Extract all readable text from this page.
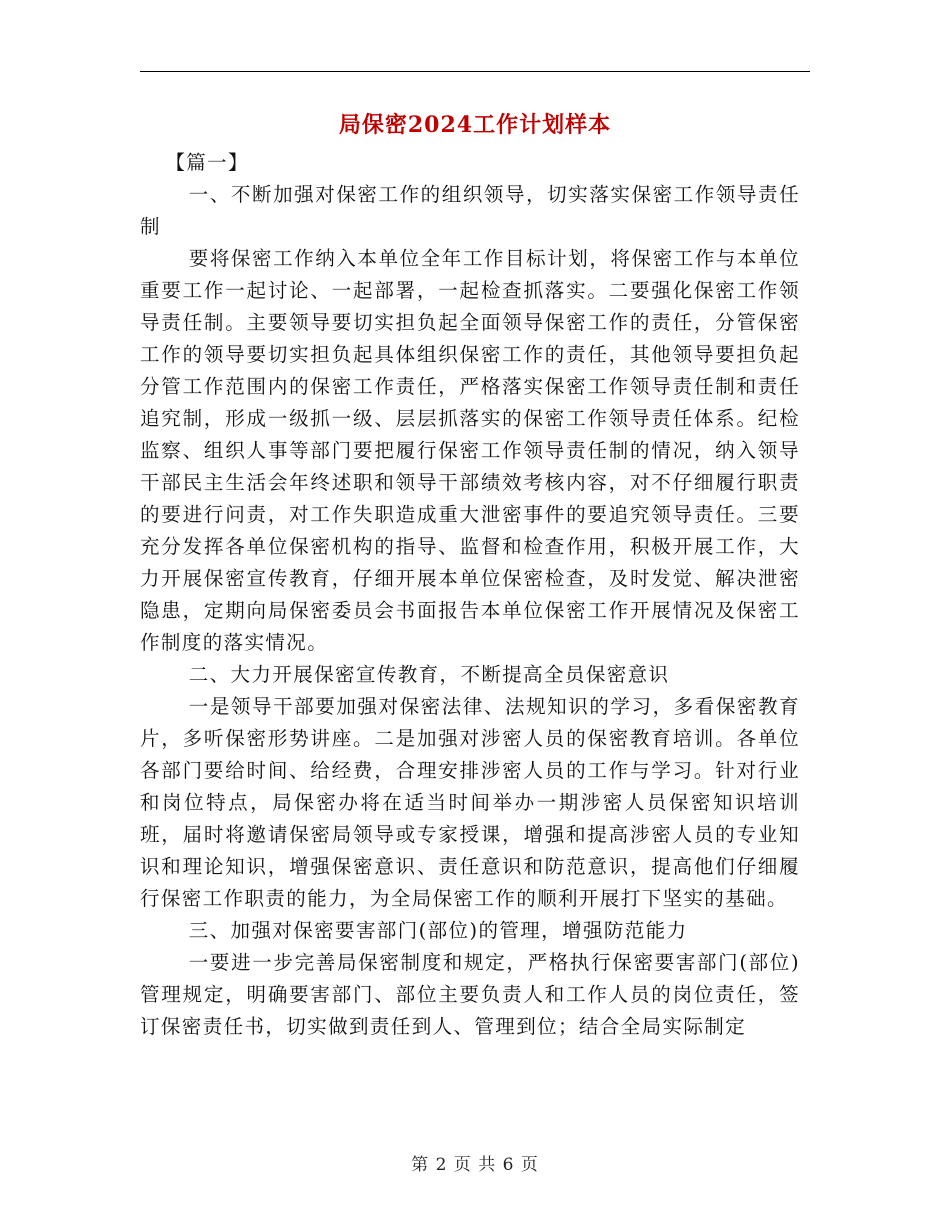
局保密2024工作计划样本

【篇一】

一、不断加强对保密工作的组织领导，切实落实保密工作领导责任制

要将保密工作纳入本单位全年工作目标计划，将保密工作与本单位重要工作一起讨论、一起部署，一起检查抓落实。二要强化保密工作领导责任制。主要领导要切实担负起全面领导保密工作的责任，分管保密工作的领导要切实担负起具体组织保密工作的责任，其他领导要担负起分管工作范围内的保密工作责任，严格落实保密工作领导责任制和责任追究制，形成一级抓一级、层层抓落实的保密工作领导责任体系。纪检监察、组织人事等部门要把履行保密工作领导责任制的情况，纳入领导干部民主生活会年终述职和领导干部绩效考核内容，对不仔细履行职责的要进行问责，对工作失职造成重大泄密事件的要追究领导责任。三要充分发挥各单位保密机构的指导、监督和检查作用，积极开展工作，大力开展保密宣传教育，仔细开展本单位保密检查，及时发觉、解决泄密隐患，定期向局保密委员会书面报告本单位保密工作开展情况及保密工作制度的落实情况。

二、大力开展保密宣传教育，不断提高全员保密意识

一是领导干部要加强对保密法律、法规知识的学习，多看保密教育片，多听保密形势讲座。二是加强对涉密人员的保密教育培训。各单位各部门要给时间、给经费，合理安排涉密人员的工作与学习。针对行业和岗位特点，局保密办将在适当时间举办一期涉密人员保密知识培训班，届时将邀请保密局领导或专家授课，增强和提高涉密人员的专业知识和理论知识，增强保密意识、责任意识和防范意识，提高他们仔细履行保密工作职责的能力，为全局保密工作的顺利开展打下坚实的基础。

三、加强对保密要害部门(部位)的管理，增强防范能力

一要进一步完善局保密制度和规定，严格执行保密要害部门(部位)管理规定，明确要害部门、部位主要负责人和工作人员的岗位责任，签订保密责任书，切实做到责任到人、管理到位；结合全局实际制定

第 2 页 共 6 页
